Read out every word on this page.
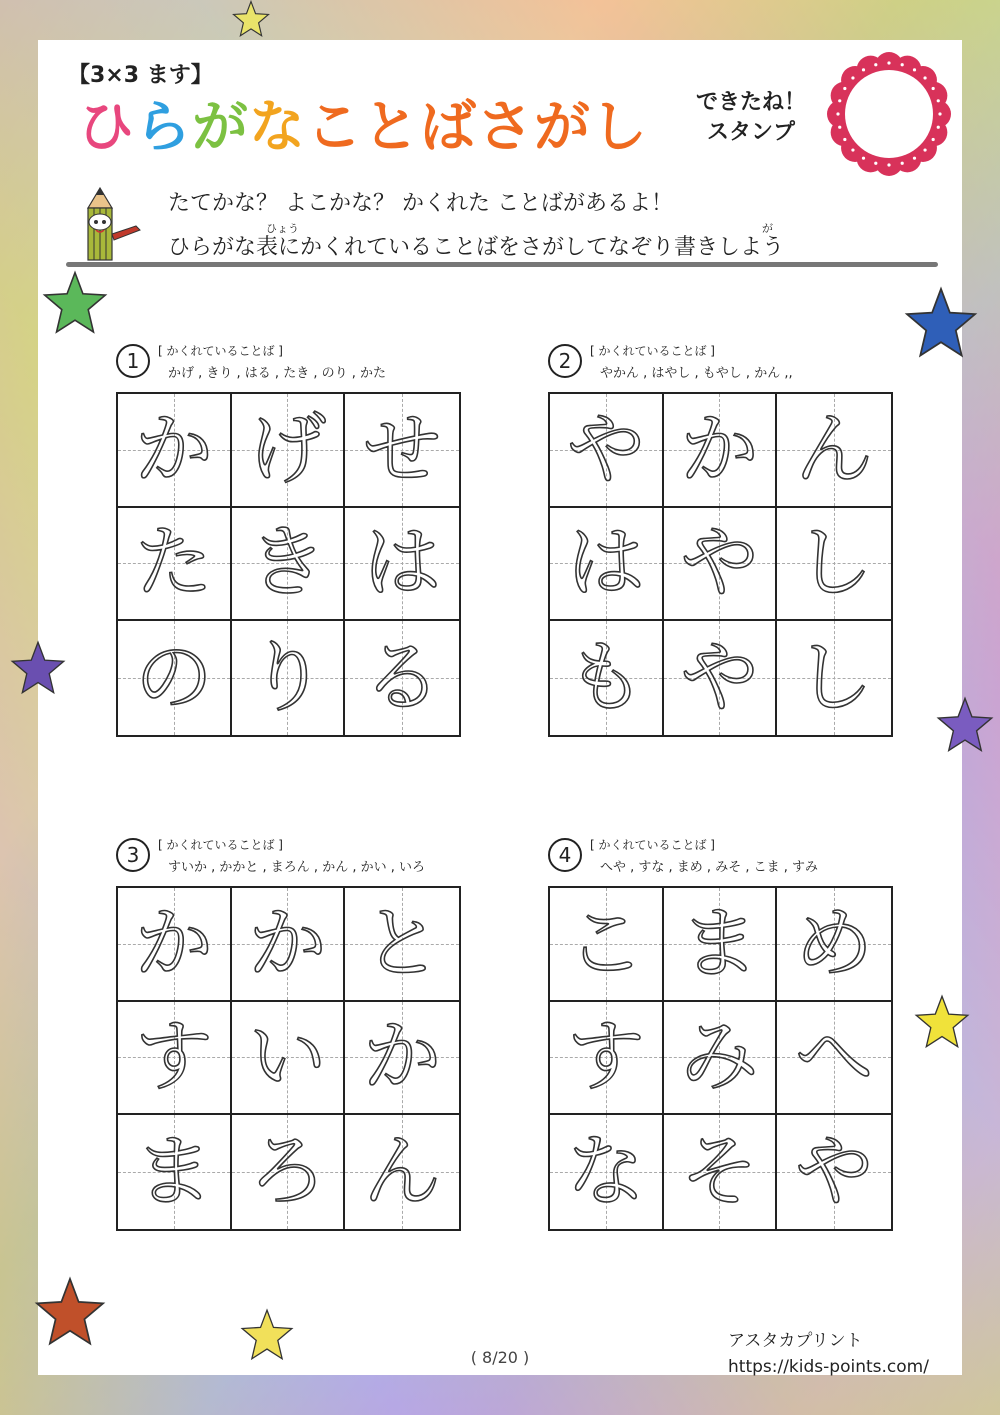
【3×3 ます】
ひらがなことばさがし できたね！
スタンプ
たてかな？ よこかな？ かくれた ことばがあるよ！
ひょう	が
ひらがな表にかくれていることばをさがしてなぞり書きしよう
1	[ かくれていることば ]
かげ , きり , はる , たき , のり , かた
か げ せ
た き は
の り る
2	[ かくれていることば ]
やかん , はやし , もやし , かん ,,
や か ん
は や し
も や し
3	[ かくれていることば ]
すいか , かかと , まろん , かん , かい , いろ
か か と
す い か
ま ろ ん
4	[ かくれていることば ]
へや , すな , まめ , みそ , こま , すみ
こ ま め
す み へ
な そ や
( 8/20 )
アスタカプリント
https://kids-points.com/
